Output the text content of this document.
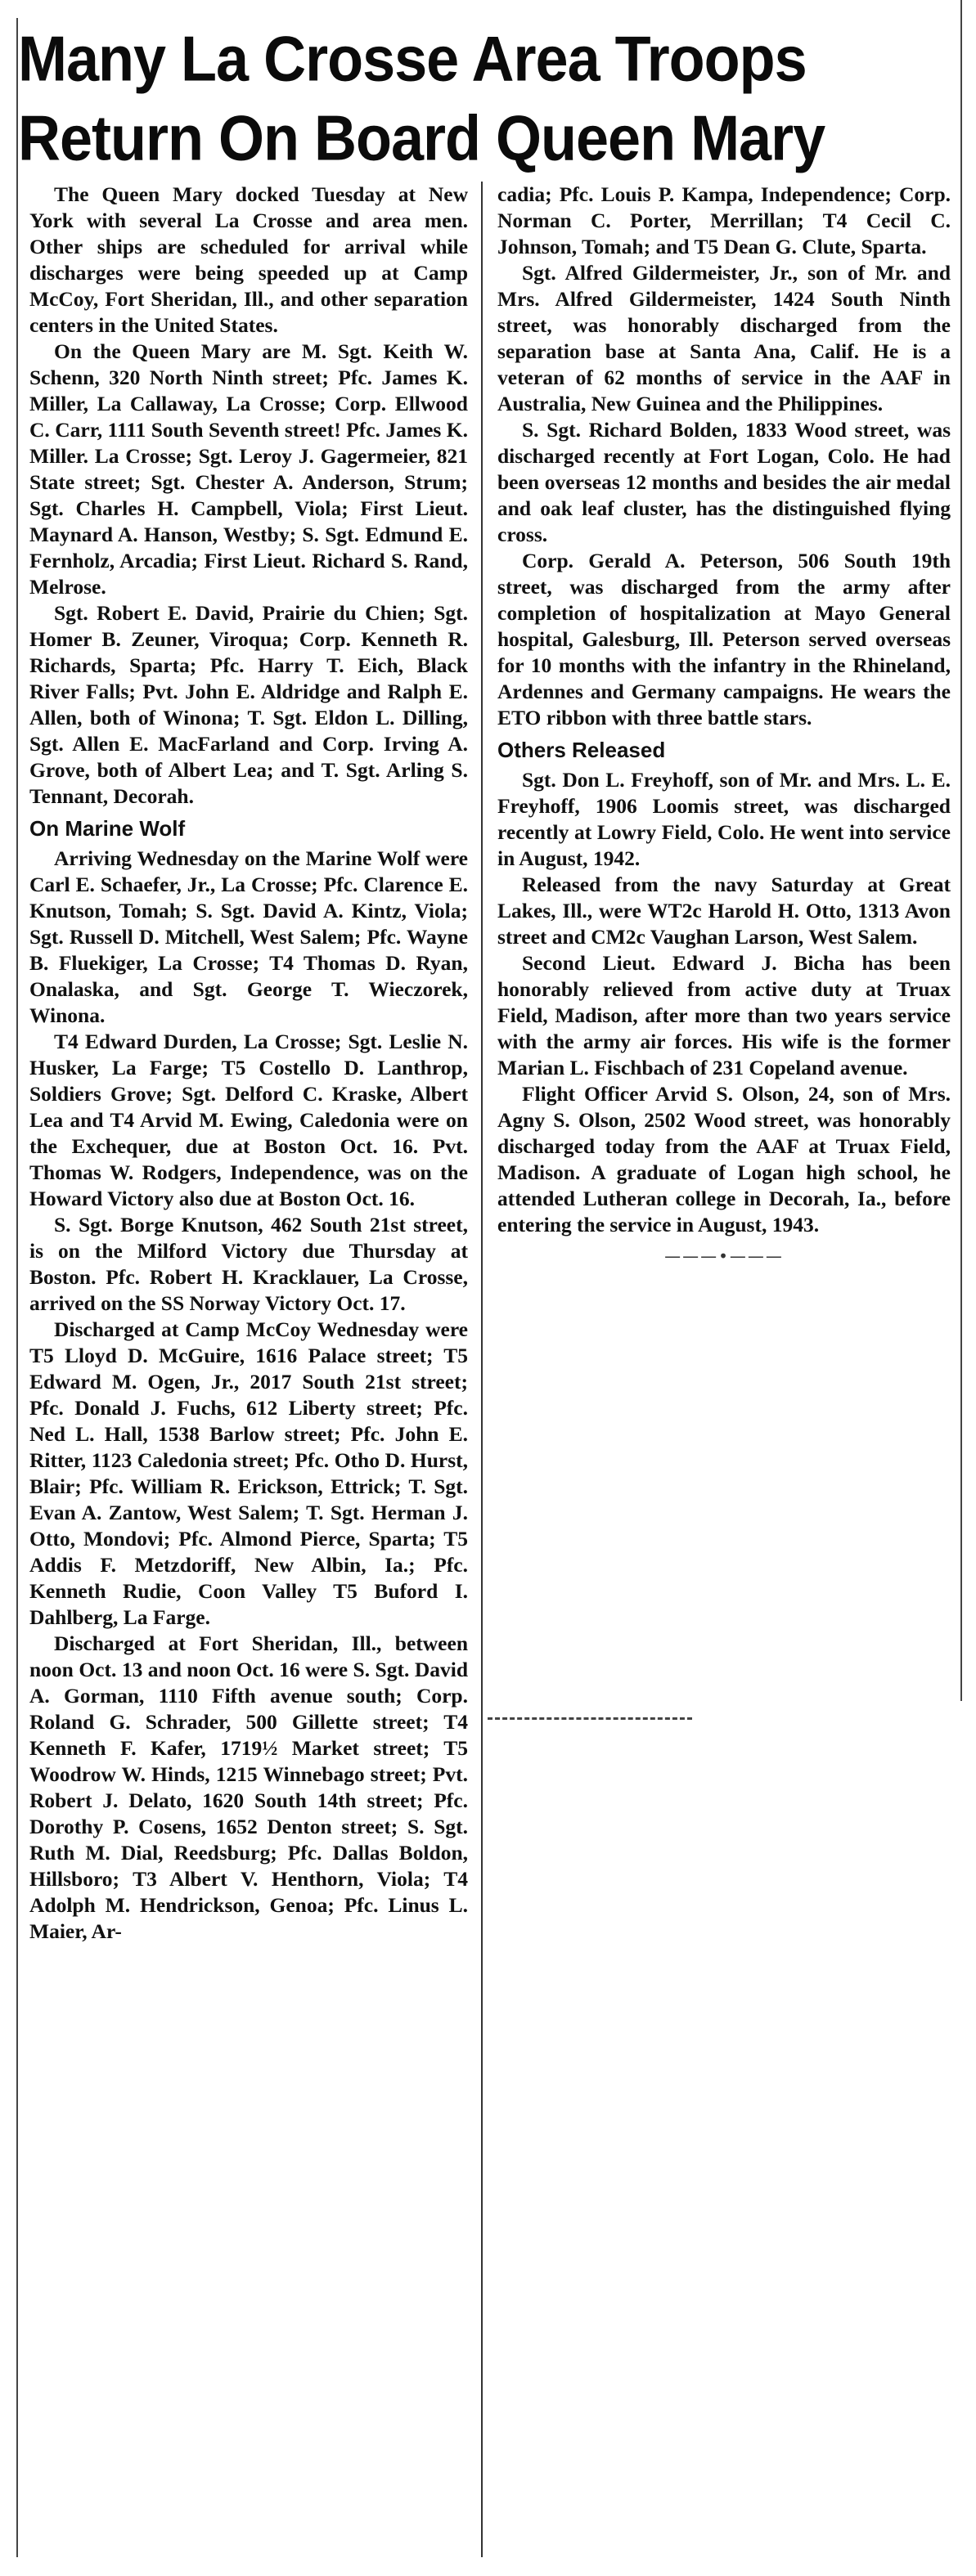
Many La Crosse Area Troops
Return On Board Queen Mary

The Queen Mary docked Tuesday at New York with several La Crosse and area men. Other ships are scheduled for arrival while discharges were being speeded up at Camp McCoy, Fort Sheridan, Ill., and other separation centers in the United States.

On the Queen Mary are M. Sgt. Keith W. Schenn, 320 North Ninth street; Pfc. James K. Miller, La Callaway, La Crosse; Corp. Ellwood C. Carr, 1111 South Seventh street! Pfc. James K. Miller. La Crosse; Sgt. Leroy J. Gagermeier, 821 State street; Sgt. Chester A. Anderson, Strum; Sgt. Charles H. Campbell, Viola; First Lieut. Maynard A. Hanson, Westby; S. Sgt. Edmund E. Fernholz, Arcadia; First Lieut. Richard S. Rand, Melrose.

Sgt. Robert E. David, Prairie du Chien; Sgt. Homer B. Zeuner, Viroqua; Corp. Kenneth R. Richards, Sparta; Pfc. Harry T. Eich, Black River Falls; Pvt. John E. Aldridge and Ralph E. Allen, both of Winona; T. Sgt. Eldon L. Dilling, Sgt. Allen E. MacFarland and Corp. Irving A. Grove, both of Albert Lea; and T. Sgt. Arling S. Tennant, Decorah.

On Marine Wolf

Arriving Wednesday on the Marine Wolf were Carl E. Schaefer, Jr., La Crosse; Pfc. Clarence E. Knutson, Tomah; S. Sgt. David A. Kintz, Viola; Sgt. Russell D. Mitchell, West Salem; Pfc. Wayne B. Fluekiger, La Crosse; T4 Thomas D. Ryan, Onalaska, and Sgt. George T. Wieczorek, Winona.

T4 Edward Durden, La Crosse; Sgt. Leslie N. Husker, La Farge; T5 Costello D. Lanthrop, Soldiers Grove; Sgt. Delford C. Kraske, Albert Lea and T4 Arvid M. Ewing, Caledonia were on the Exchequer, due at Boston Oct. 16. Pvt. Thomas W. Rodgers, Independence, was on the Howard Victory also due at Boston Oct. 16.

S. Sgt. Borge Knutson, 462 South 21st street, is on the Milford Victory due Thursday at Boston. Pfc. Robert H. Kracklauer, La Crosse, arrived on the SS Norway Victory Oct. 17.

Discharged at Camp McCoy Wednesday were T5 Lloyd D. McGuire, 1616 Palace street; T5 Edward M. Ogen, Jr., 2017 South 21st street; Pfc. Donald J. Fuchs, 612 Liberty street; Pfc. Ned L. Hall, 1538 Barlow street; Pfc. John E. Ritter, 1123 Caledonia street; Pfc. Otho D. Hurst, Blair; Pfc. William R. Erickson, Ettrick; T. Sgt. Evan A. Zantow, West Salem; T. Sgt. Herman J. Otto, Mondovi; Pfc. Almond Pierce, Sparta; T5 Addis F. Metzdoriff, New Albin, Ia.; Pfc. Kenneth Rudie, Coon Valley T5 Buford I. Dahlberg, La Farge.

Discharged at Fort Sheridan, Ill., between noon Oct. 13 and noon Oct. 16 were S. Sgt. David A. Gorman, 1110 Fifth avenue south; Corp. Roland G. Schrader, 500 Gillette street; T4 Kenneth F. Kafer, 1719½ Market street; T5 Woodrow W. Hinds, 1215 Winnebago street; Pvt. Robert J. Delato, 1620 South 14th street; Pfc. Dorothy P. Cosens, 1652 Denton street; S. Sgt. Ruth M. Dial, Reedsburg; Pfc. Dallas Boldon, Hillsboro; T3 Albert V. Henthorn, Viola; T4 Adolph M. Hendrickson, Genoa; Pfc. Linus L. Maier, Ar-

cadia; Pfc. Louis P. Kampa, Independence; Corp. Norman C. Porter, Merrillan; T4 Cecil C. Johnson, Tomah; and T5 Dean G. Clute, Sparta.

Sgt. Alfred Gildermeister, Jr., son of Mr. and Mrs. Alfred Gildermeister, 1424 South Ninth street, was honorably discharged from the separation base at Santa Ana, Calif. He is a veteran of 62 months of service in the AAF in Australia, New Guinea and the Philippines.

S. Sgt. Richard Bolden, 1833 Wood street, was discharged recently at Fort Logan, Colo. He had been overseas 12 months and besides the air medal and oak leaf cluster, has the distinguished flying cross.

Corp. Gerald A. Peterson, 506 South 19th street, was discharged from the army after completion of hospitalization at Mayo General hospital, Galesburg, Ill. Peterson served overseas for 10 months with the infantry in the Rhineland, Ardennes and Germany campaigns. He wears the ETO ribbon with three battle stars.

Others Released

Sgt. Don L. Freyhoff, son of Mr. and Mrs. L. E. Freyhoff, 1906 Loomis street, was discharged recently at Lowry Field, Colo. He went into service in August, 1942.

Released from the navy Saturday at Great Lakes, Ill., were WT2c Harold H. Otto, 1313 Avon street and CM2c Vaughan Larson, West Salem.

Second Lieut. Edward J. Bicha has been honorably relieved from active duty at Truax Field, Madison, after more than two years service with the army air forces. His wife is the former Marian L. Fischbach of 231 Copeland avenue.

Flight Officer Arvid S. Olson, 24, son of Mrs. Agny S. Olson, 2502 Wood street, was honorably discharged today from the AAF at Truax Field, Madison. A graduate of Logan high school, he attended Lutheran college in Decorah, Ia., before entering the service in August, 1943.

———•———
